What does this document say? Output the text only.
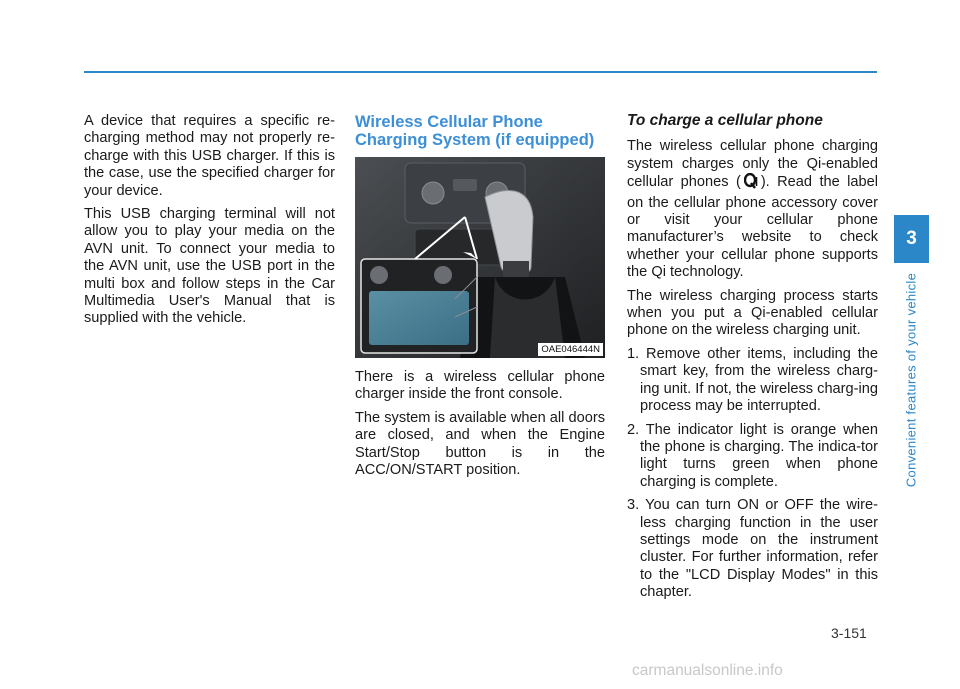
A device that requires a specific re-charging method may not properly re-charge with this USB charger. If this is the case, use the specified charger for your device.

This USB charging terminal will not allow you to play your media on the AVN unit. To connect your media to the AVN unit, use the USB port in the multi box and follow steps in the Car Multimedia User's Manual that is supplied with the vehicle.

Wireless Cellular Phone Charging System (if equipped)
OAE046444N

There is a wireless cellular phone charger inside the front console.

The system is available when all doors are closed, and when the Engine Start/Stop button is in the ACC/ON/START position.

To charge a cellular phone

The wireless cellular phone charging system charges only the Qi-enabled cellular phones ( ). Read the label on the cellular phone accessory cover or visit your cellular phone manufacturer’s website to check whether your cellular phone supports the Qi technology.

The wireless charging process starts when you put a Qi-enabled cellular phone on the wireless charging unit.

1. Remove other items, including the smart key, from the wireless charg-ing unit. If not, the wireless charg-ing process may be interrupted.
2. The indicator light is orange when the phone is charging. The indica-tor light turns green when phone charging is complete.
3. You can turn ON or OFF the wire-less charging function in the user settings mode on the instrument cluster. For further information, refer to the "LCD Display Modes" in this chapter.
3
Convenient features of your vehicle
3-151
carmanualsonline.info
